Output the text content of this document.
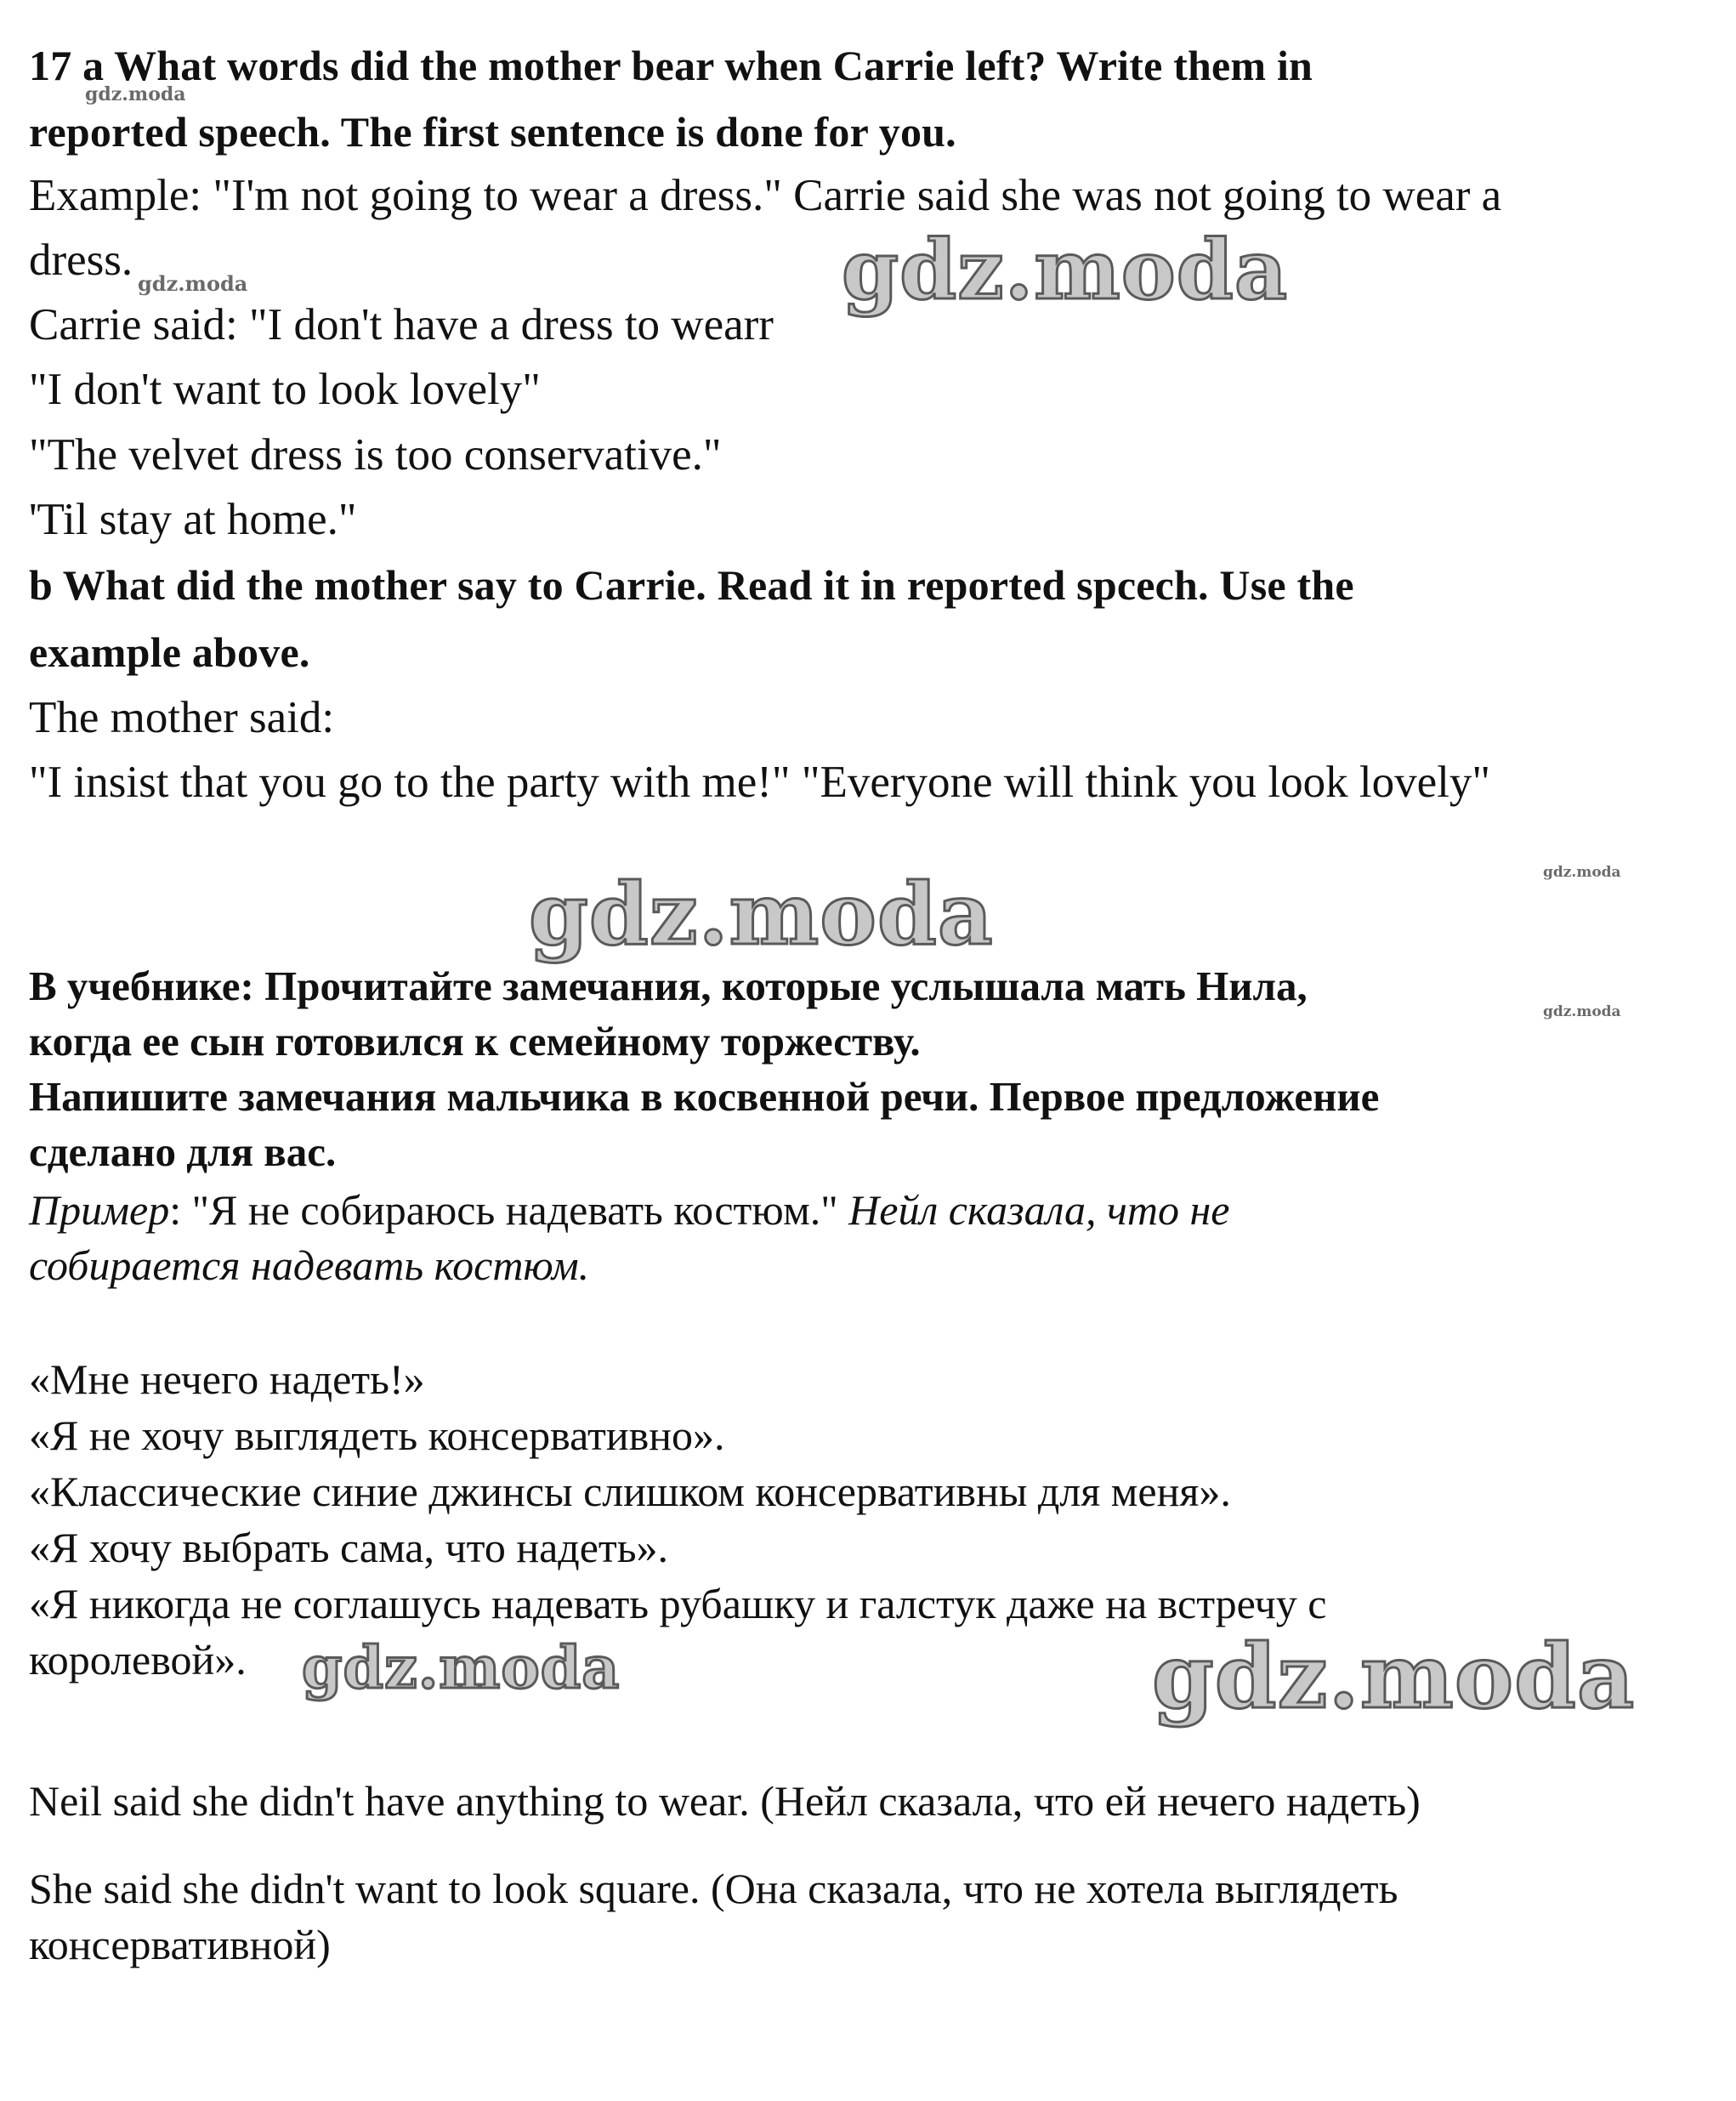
17 a What words did the mother bear when Carrie left? Write them in

reported speech. The first sentence is done for you.

Example: "I'm not going to wear a dress." Carrie said she was not going to wear a

dress.

Carrie said: "I don't have a dress to wearr

"I don't want to look lovely"

"The velvet dress is too conservative."

'Til stay at home."

b What did the mother say to Carrie. Read it in reported spcech. Use the

example above.

The mother said:

"I insist that you go to the party with me!" "Everyone will think you look lovely"

В учебнике: Прочитайте замечания, которые услышала мать Нила,

когда ее сын готовился к семейному торжеству.

Напишите замечания мальчика в косвенной речи. Первое предложение

сделано для вас.

Пример: "Я не собираюсь надевать костюм." Нейл сказала, что не

собирается надевать костюм.

«Мне нечего надеть!»

«Я не хочу выглядеть консервативно».

«Классические синие джинсы слишком консервативны для меня».

«Я хочу выбрать сама, что надеть».

«Я никогда не соглашусь надевать рубашку и галстук даже на встречу с

королевой».

Neil said she didn't have anything to wear. (Нейл сказала, что ей нечего надеть)

She said she didn't want to look square. (Она сказала, что не хотела выглядеть

консервативной)

gdz.moda
gdz.moda
gdz.moda	gdz.moda
gdz.moda
gdz.moda
gdz.moda
gdz.moda
